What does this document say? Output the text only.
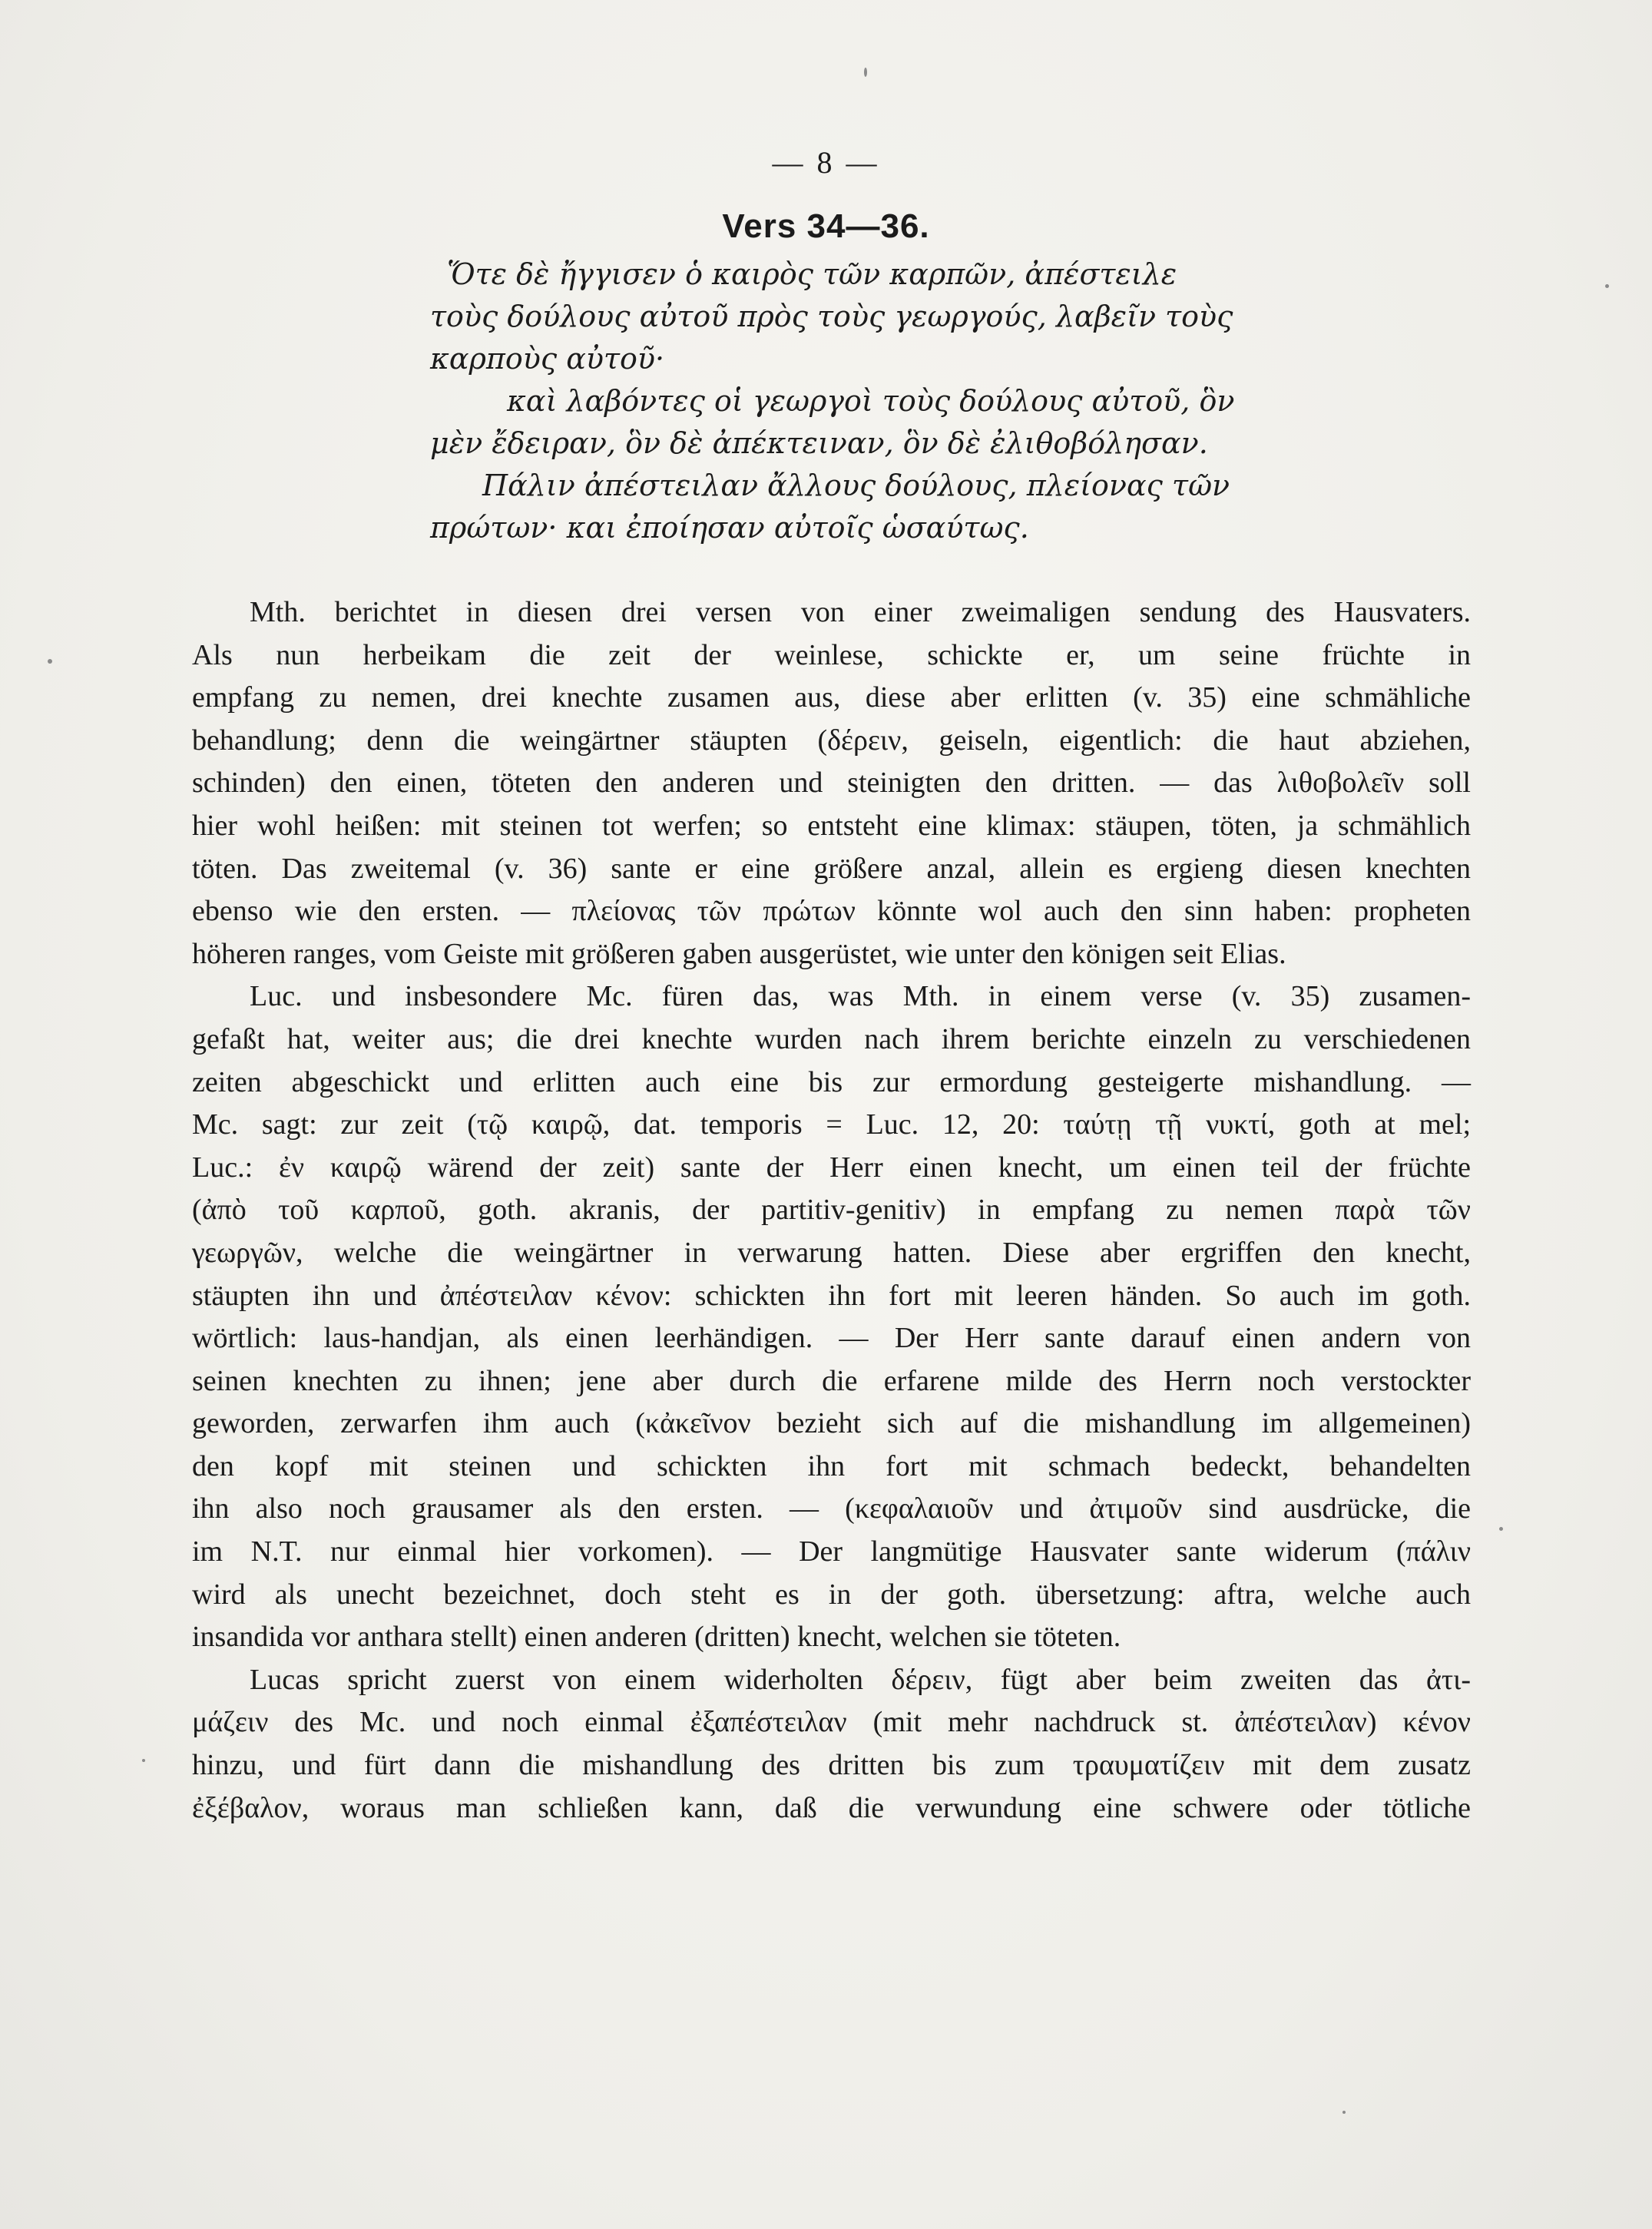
— 8 —
Vers 34—36.
Ὅτε δὲ ἤγγισεν ὁ καιρὸς τῶν καρπῶν, ἀπέστειλε
τοὺς δούλους αὐτοῦ πρὸς τοὺς γεωργούς, λαβεῖν τοὺς
καρποὺς αὐτοῦ·
καὶ λαβόντες οἱ γεωργοὶ τοὺς δούλους αὐτοῦ, ὃν
μὲν ἔδειραν, ὃν δὲ ἀπέκτειναν, ὃν δὲ ἐλιθοβόλησαν.
Πάλιν ἀπέστειλαν ἄλλους δούλους, πλείονας τῶν
πρώτων· και ἐποίησαν αὐτοῖς ὡσαύτως.
Mth. berichtet in diesen drei versen von einer zweimaligen sendung des Hausvaters.
Als nun herbeikam die zeit der weinlese, schickte er, um seine früchte in
empfang zu nemen, drei knechte zusamen aus, diese aber erlitten (v. 35) eine schmähliche
behandlung; denn die weingärtner stäupten (δέρειν, geiseln, eigentlich: die haut abziehen,
schinden) den einen, töteten den anderen und steinigten den dritten. — das λιθοβολεῖν soll
hier wohl heißen: mit steinen tot werfen; so entsteht eine klimax: stäupen, töten, ja schmählich
töten. Das zweitemal (v. 36) sante er eine größere anzal, allein es ergieng diesen knechten
ebenso wie den ersten. — πλείονας τῶν πρώτων könnte wol auch den sinn haben: propheten
höheren ranges, vom Geiste mit größeren gaben ausgerüstet, wie unter den königen seit Elias.
Luc. und insbesondere Mc. füren das, was Mth. in einem verse (v. 35) zusamen-
gefaßt hat, weiter aus; die drei knechte wurden nach ihrem berichte einzeln zu verschiedenen
zeiten abgeschickt und erlitten auch eine bis zur ermordung gesteigerte mishandlung. —
Mc. sagt: zur zeit (τῷ καιρῷ, dat. temporis = Luc. 12, 20: ταύτῃ τῇ νυκτί, goth at mel;
Luc.: ἐν καιρῷ wärend der zeit) sante der Herr einen knecht, um einen teil der früchte
(ἀπὸ τοῦ καρποῦ, goth. akranis, der partitiv-genitiv) in empfang zu nemen παρὰ τῶν
γεωργῶν, welche die weingärtner in verwarung hatten. Diese aber ergriffen den knecht,
stäupten ihn und ἀπέστειλαν κένον: schickten ihn fort mit leeren händen. So auch im goth.
wörtlich: laus-handjan, als einen leerhändigen. — Der Herr sante darauf einen andern von
seinen knechten zu ihnen; jene aber durch die erfarene milde des Herrn noch verstockter
geworden, zerwarfen ihm auch (κἀκεῖνον bezieht sich auf die mishandlung im allgemeinen)
den kopf mit steinen und schickten ihn fort mit schmach bedeckt, behandelten
ihn also noch grausamer als den ersten. — (κεφαλαιοῦν und ἀτιμοῦν sind ausdrücke, die
im N.T. nur einmal hier vorkomen). — Der langmütige Hausvater sante widerum (πάλιν
wird als unecht bezeichnet, doch steht es in der goth. übersetzung: aftra, welche auch
insandida vor anthara stellt) einen anderen (dritten) knecht, welchen sie töteten.
Lucas spricht zuerst von einem widerholten δέρειν, fügt aber beim zweiten das ἀτι-
μάζειν des Mc. und noch einmal ἐξαπέστειλαν (mit mehr nachdruck st. ἀπέστειλαν) κένον
hinzu, und fürt dann die mishandlung des dritten bis zum τραυματίζειν mit dem zusatz
ἐξέβαλον, woraus man schließen kann, daß die verwundung eine schwere oder tötliche
